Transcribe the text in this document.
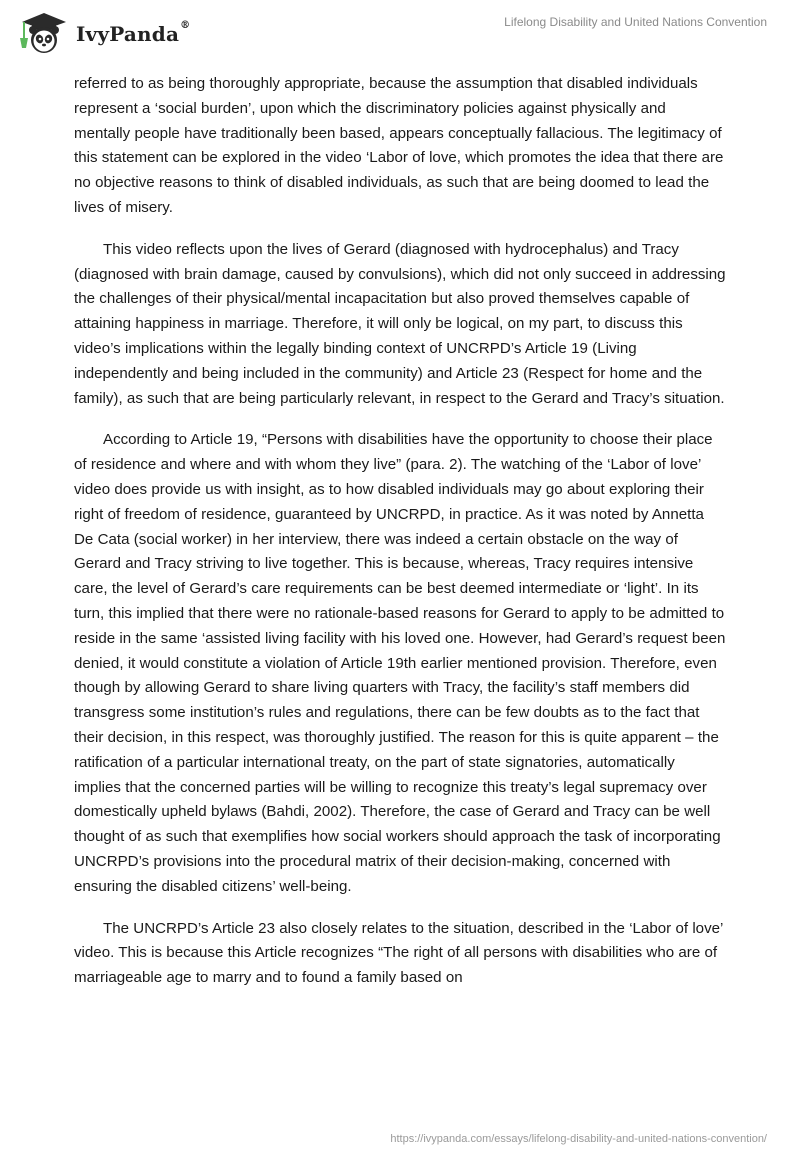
IvyPanda®	Lifelong Disability and United Nations Convention

referred to as being thoroughly appropriate, because the assumption that disabled individuals represent a ‘social burden’, upon which the discriminatory policies against physically and mentally people have traditionally been based, appears conceptually fallacious. The legitimacy of this statement can be explored in the video ‘Labor of love, which promotes the idea that there are no objective reasons to think of disabled individuals, as such that are being doomed to lead the lives of misery.

This video reflects upon the lives of Gerard (diagnosed with hydrocephalus) and Tracy (diagnosed with brain damage, caused by convulsions), which did not only succeed in addressing the challenges of their physical/mental incapacitation but also proved themselves capable of attaining happiness in marriage. Therefore, it will only be logical, on my part, to discuss this video’s implications within the legally binding context of UNCRPD’s Article 19 (Living independently and being included in the community) and Article 23 (Respect for home and the family), as such that are being particularly relevant, in respect to the Gerard and Tracy’s situation.

According to Article 19, “Persons with disabilities have the opportunity to choose their place of residence and where and with whom they live” (para. 2). The watching of the ‘Labor of love’ video does provide us with insight, as to how disabled individuals may go about exploring their right of freedom of residence, guaranteed by UNCRPD, in practice. As it was noted by Annetta De Cata (social worker) in her interview, there was indeed a certain obstacle on the way of Gerard and Tracy striving to live together. This is because, whereas, Tracy requires intensive care, the level of Gerard’s care requirements can be best deemed intermediate or ‘light’. In its turn, this implied that there were no rationale-based reasons for Gerard to apply to be admitted to reside in the same ‘assisted living facility with his loved one. However, had Gerard’s request been denied, it would constitute a violation of Article 19th earlier mentioned provision. Therefore, even though by allowing Gerard to share living quarters with Tracy, the facility’s staff members did transgress some institution’s rules and regulations, there can be few doubts as to the fact that their decision, in this respect, was thoroughly justified. The reason for this is quite apparent – the ratification of a particular international treaty, on the part of state signatories, automatically implies that the concerned parties will be willing to recognize this treaty’s legal supremacy over domestically upheld bylaws (Bahdi, 2002). Therefore, the case of Gerard and Tracy can be well thought of as such that exemplifies how social workers should approach the task of incorporating UNCRPD’s provisions into the procedural matrix of their decision-making, concerned with ensuring the disabled citizens’ well-being.

The UNCRPD’s Article 23 also closely relates to the situation, described in the ‘Labor of love’ video. This is because this Article recognizes “The right of all persons with disabilities who are of marriageable age to marry and to found a family based on

https://ivypanda.com/essays/lifelong-disability-and-united-nations-convention/
